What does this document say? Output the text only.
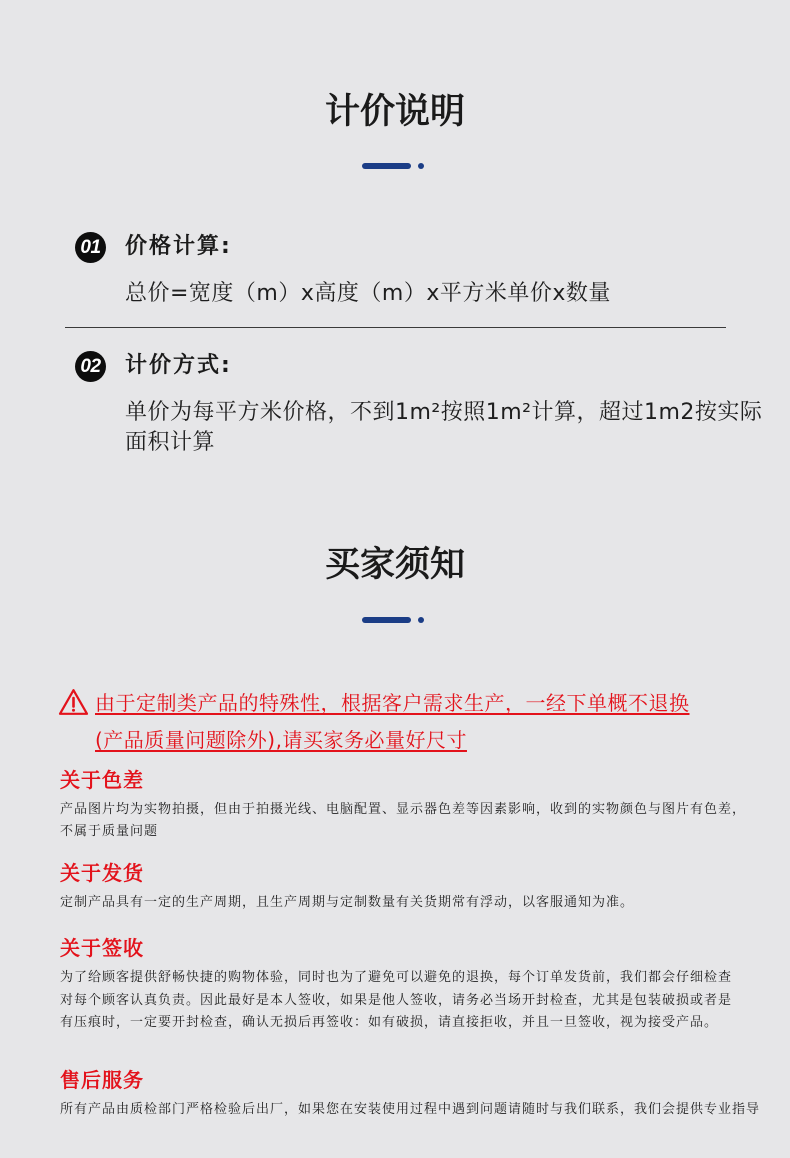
计价说明
01 价格计算:
总价=宽度（m）x高度（m）x平方米单价x数量
02 计价方式:
单价为每平方米价格，不到1m²按照1m²计算，超过1m2按实际
面积计算
买家须知
由于定制类产品的特殊性，根据客户需求生产，一经下单概不退换
(产品质量问题除外),请买家务必量好尺寸
关于色差
产品图片均为实物拍摄，但由于拍摄光线、电脑配置、显示器色差等因素影响，收到的实物颜色与图片有色差，
不属于质量问题
关于发货
定制产品具有一定的生产周期，且生产周期与定制数量有关货期常有浮动，以客服通知为准。
关于签收
为了给顾客提供舒畅快捷的购物体验，同时也为了避免可以避免的退换，每个订单发货前，我们都会仔细检查
对每个顾客认真负责。因此最好是本人签收，如果是他人签收，请务必当场开封检查，尤其是包装破损或者是
有压痕时，一定要开封检查，确认无损后再签收：如有破损，请直接拒收，并且一旦签收，视为接受产品。
售后服务
所有产品由质检部门严格检验后出厂，如果您在安装使用过程中遇到问题请随时与我们联系，我们会提供专业指导
